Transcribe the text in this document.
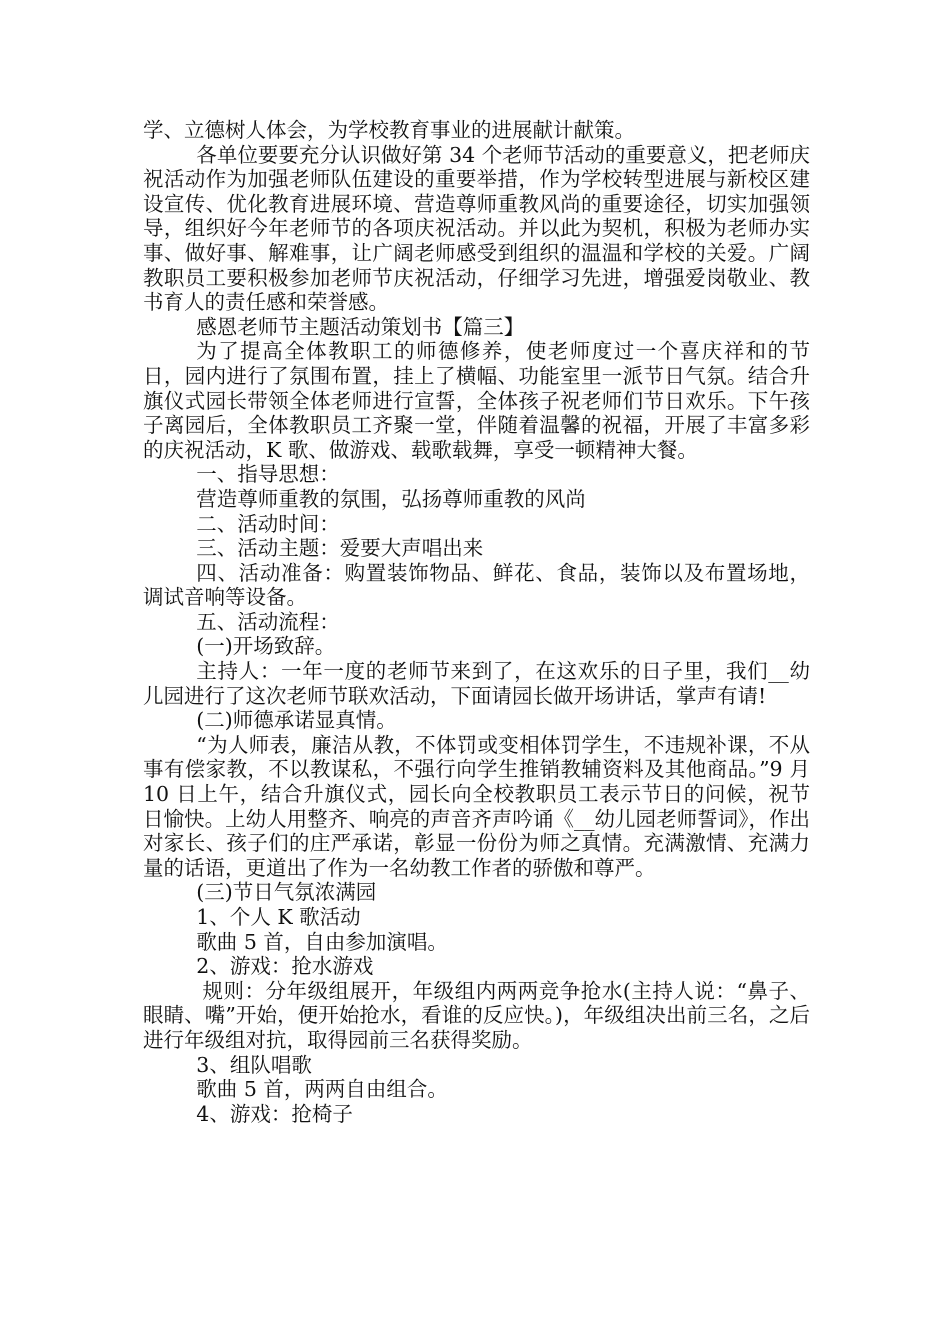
学、立德树人体会，为学校教育事业的进展献计献策。

各单位要要充分认识做好第 34 个老师节活动的重要意义，把老师庆祝活动作为加强老师队伍建设的重要举措，作为学校转型进展与新校区建设宣传、优化教育进展环境、营造尊师重教风尚的重要途径，切实加强领导，组织好今年老师节的各项庆祝活动。并以此为契机，积极为老师办实事、做好事、解难事，让广阔老师感受到组织的温温和学校的关爱。广阔教职员工要积极参加老师节庆祝活动，仔细学习先进，增强爱岗敬业、教书育人的责任感和荣誉感。

感恩老师节主题活动策划书【篇三】

为了提高全体教职工的师德修养，使老师度过一个喜庆祥和的节日，园内进行了氛围布置，挂上了横幅、功能室里一派节日气氛。结合升旗仪式园长带领全体老师进行宣誓，全体孩子祝老师们节日欢乐。下午孩子离园后，全体教职员工齐聚一堂，伴随着温馨的祝福，开展了丰富多彩的庆祝活动，K 歌、做游戏、载歌载舞，享受一顿精神大餐。

一、指导思想：

营造尊师重教的氛围，弘扬尊师重教的风尚

二、活动时间：

三、活动主题：爱要大声唱出来

四、活动准备：购置装饰物品、鲜花、食品，装饰以及布置场地，调试音响等设备。

五、活动流程：

(一)开场致辞。

主持人：一年一度的老师节来到了，在这欢乐的日子里，我们__幼儿园进行了这次老师节联欢活动，下面请园长做开场讲话，掌声有请!

(二)师德承诺显真情。

“为人师表，廉洁从教，不体罚或变相体罚学生，不违规补课，不从事有偿家教，不以教谋私，不强行向学生推销教辅资料及其他商品。”9 月 10 日上午，结合升旗仪式，园长向全校教职员工表示节日的问候，祝节日愉快。上幼人用整齐、响亮的声音齐声吟诵《__幼儿园老师誓词》，作出对家长、孩子们的庄严承诺，彰显一份份为师之真情。充满激情、充满力量的话语，更道出了作为一名幼教工作者的骄傲和尊严。

(三)节日气氛浓满园

1、个人 K 歌活动

歌曲 5 首，自由参加演唱。

2、游戏：抢水游戏

规则：分年级组展开，年级组内两两竞争抢水(主持人说：“鼻子、眼睛、嘴”开始，便开始抢水，看谁的反应快。)，年级组决出前三名，之后进行年级组对抗，取得园前三名获得奖励。

3、组队唱歌

歌曲 5 首，两两自由组合。

4、游戏：抢椅子
